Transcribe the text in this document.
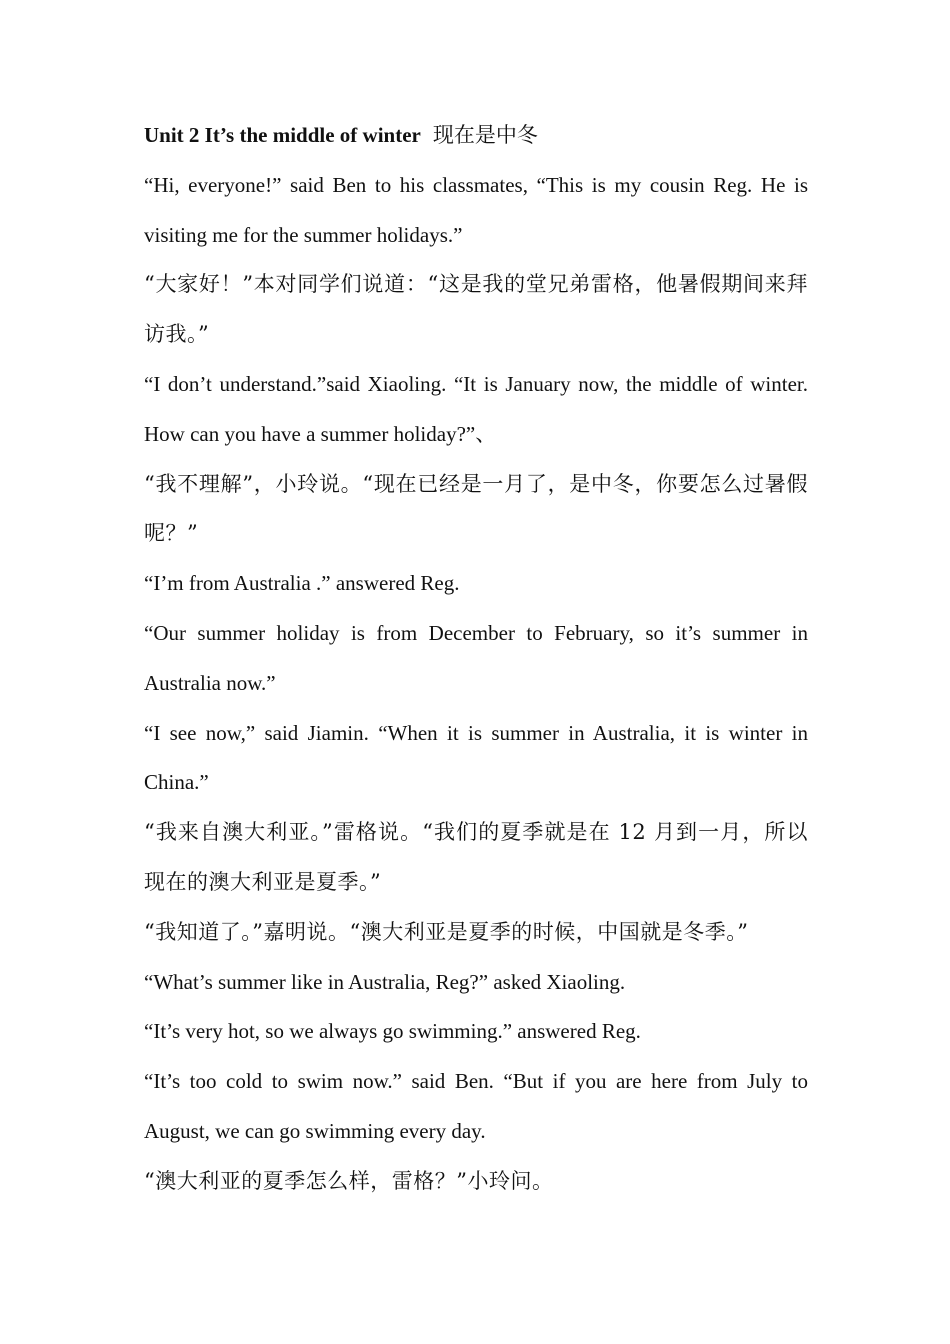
Unit 2 It’s the middle of winter 现在是中冬

“Hi, everyone!” said Ben to his classmates, “This is my cousin Reg. He is visiting me for the summer holidays.”

“大家好！”本对同学们说道：“这是我的堂兄弟雷格，他暑假期间来拜访我。”

“I don’t understand.”said Xiaoling. “It is January now, the middle of winter. How can you have a summer holiday?”、

“我不理解”，小玲说。“现在已经是一月了，是中冬，你要怎么过暑假呢？”

“I’m from Australia .” answered Reg.

“Our summer holiday is from December to February, so it’s summer in Australia now.”

“I see now,” said Jiamin. “When it is summer in Australia, it is winter in China.”

“我来自澳大利亚。”雷格说。“我们的夏季就是在 12 月到一月，所以现在的澳大利亚是夏季。”

“我知道了。”嘉明说。“澳大利亚是夏季的时候，中国就是冬季。”

“What’s summer like in Australia, Reg?” asked Xiaoling.

“It’s very hot, so we always go swimming.” answered Reg.

“It’s too cold to swim now.” said Ben. “But if you are here from July to August, we can go swimming every day.

“澳大利亚的夏季怎么样，雷格？”小玲问。
